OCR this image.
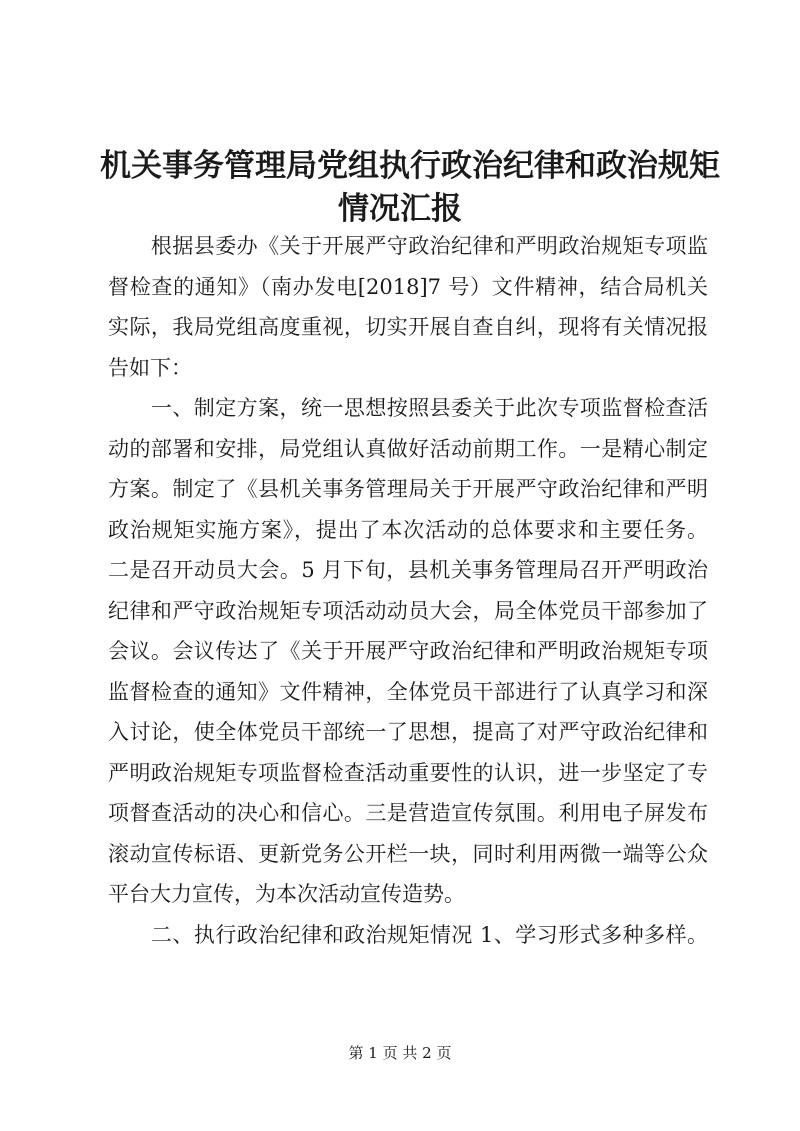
机关事务管理局党组执行政治纪律和政治规矩
情况汇报
　　根据县委办《关于开展严守政治纪律和严明政治规矩专项监
督检查的通知》（南办发电[2018]7 号）文件精神，结合局机关
实际，我局党组高度重视，切实开展自查自纠，现将有关情况报
告如下：
　　一、制定方案，统一思想按照县委关于此次专项监督检查活
动的部署和安排，局党组认真做好活动前期工作。一是精心制定
方案。制定了《县机关事务管理局关于开展严守政治纪律和严明
政治规矩实施方案》，提出了本次活动的总体要求和主要任务。
二是召开动员大会。5 月下旬，县机关事务管理局召开严明政治
纪律和严守政治规矩专项活动动员大会，局全体党员干部参加了
会议。会议传达了《关于开展严守政治纪律和严明政治规矩专项
监督检查的通知》文件精神，全体党员干部进行了认真学习和深
入讨论，使全体党员干部统一了思想，提高了对严守政治纪律和
严明政治规矩专项监督检查活动重要性的认识，进一步坚定了专
项督查活动的决心和信心。三是营造宣传氛围。利用电子屏发布
滚动宣传标语、更新党务公开栏一块，同时利用两微一端等公众
平台大力宣传，为本次活动宣传造势。
　　二、执行政治纪律和政治规矩情况 1、学习形式多种多样。
第 1 页 共 2 页
